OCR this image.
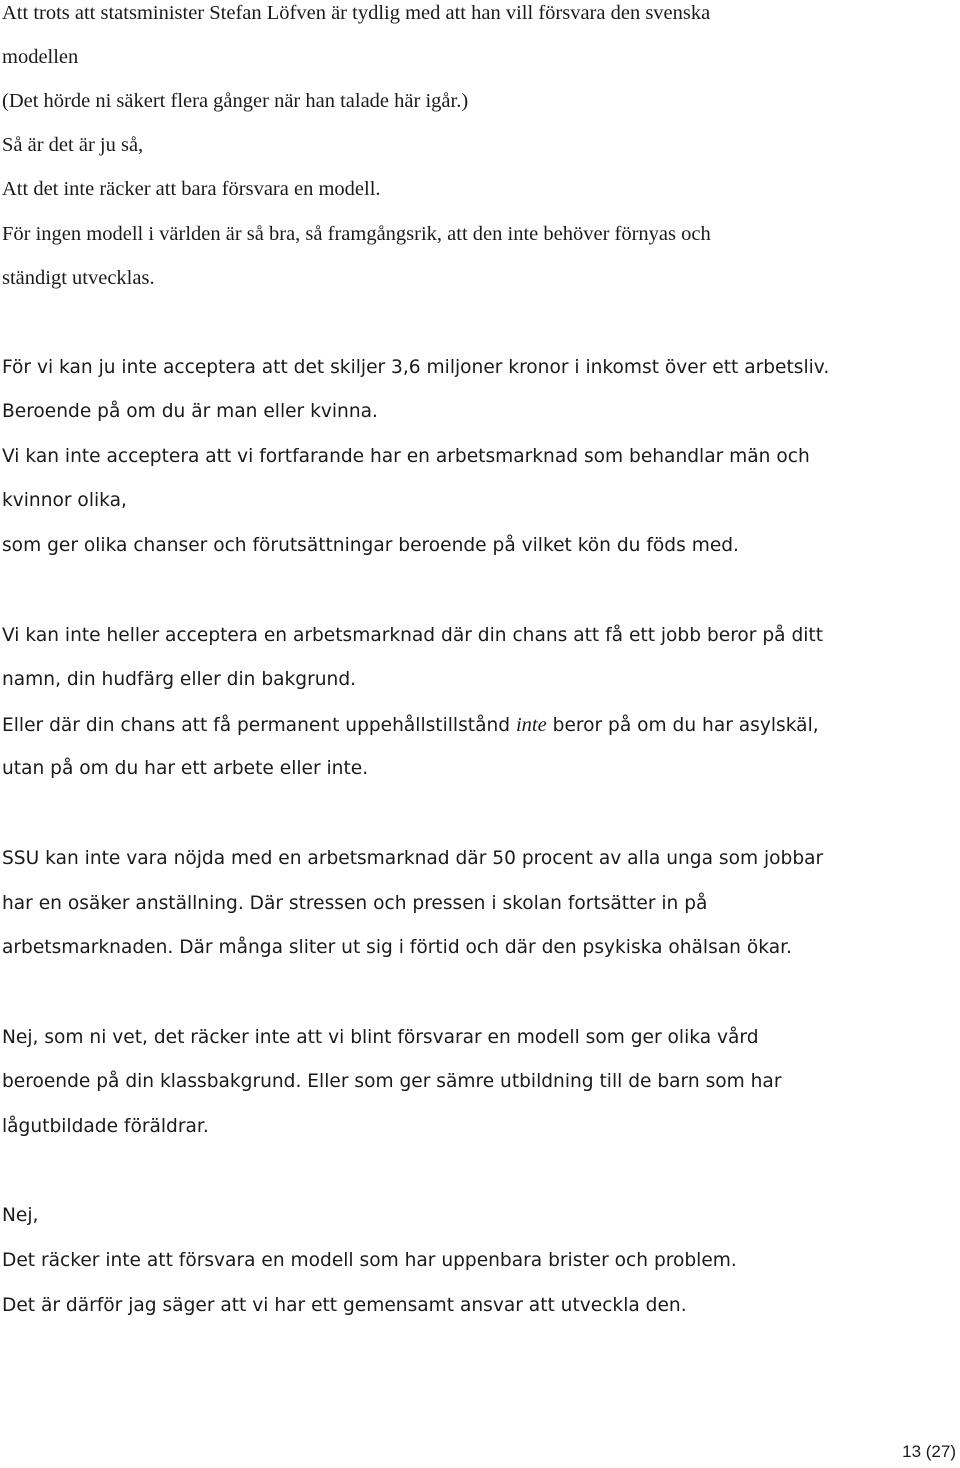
13 (27)
Att trots att statsminister Stefan Löfven är tydlig med att han vill försvara den svenska
modellen
(Det hörde ni säkert flera gånger när han talade här igår.)
Så är det är ju så,
Att det inte räcker att bara försvara en modell.
För ingen modell i världen är så bra, så framgångsrik, att den inte behöver förnyas och
ständigt utvecklas.
För vi kan ju inte acceptera att det skiljer 3,6 miljoner kronor i inkomst över ett arbetsliv.
Beroende på om du är man eller kvinna.
Vi kan inte acceptera att vi fortfarande har en arbetsmarknad som behandlar män och
kvinnor olika,
som ger olika chanser och förutsättningar beroende på vilket kön du föds med.
Vi kan inte heller acceptera en arbetsmarknad där din chans att få ett jobb beror på ditt
namn, din hudfärg eller din bakgrund.
Eller där din chans att få permanent uppehållstillstånd inte beror på om du har asylskäl,
utan på om du har ett arbete eller inte.
SSU kan inte vara nöjda med en arbetsmarknad där 50 procent av alla unga som jobbar
har en osäker anställning. Där stressen och pressen i skolan fortsätter in på
arbetsmarknaden. Där många sliter ut sig i förtid och där den psykiska ohälsan ökar.
Nej, som ni vet, det räcker inte att vi blint försvarar en modell som ger olika vård
beroende på din klassbakgrund. Eller som ger sämre utbildning till de barn som har
lågutbildade föräldrar.
Nej,
Det räcker inte att försvara en modell som har uppenbara brister och problem.
Det är därför jag säger att vi har ett gemensamt ansvar att utveckla den.
